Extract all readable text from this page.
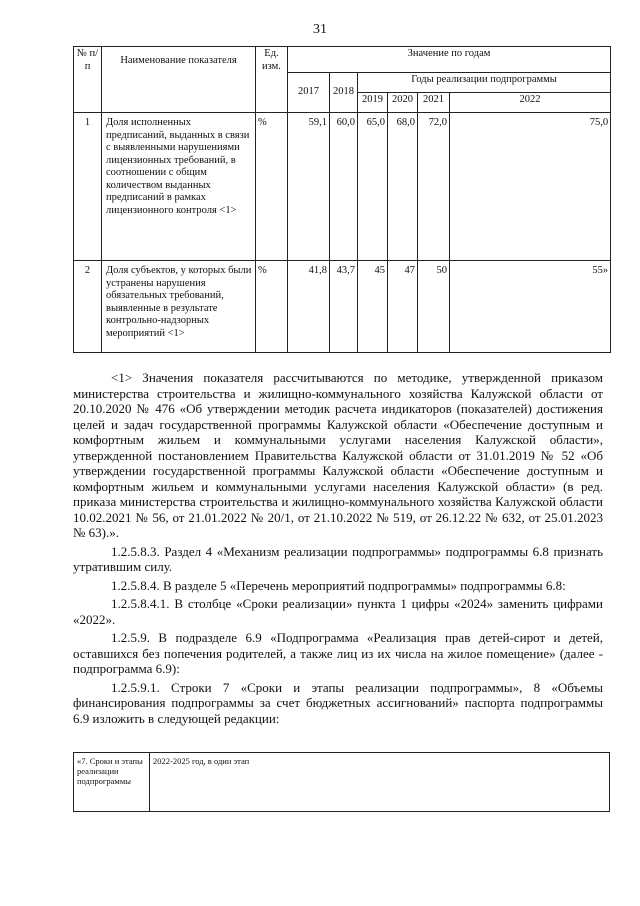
31
№ п/п	Наименование показателя	Ед. изм.	Значение по годам					
			2017	2018	Годы реализации подпрограммы			
					2019	2020	2021	2022
1	Доля исполненных предписаний, выданных в связи с выявленными нарушениями лицензионных требований, в соотношении с общим количеством выданных предписаний в рамках лицензионного контроля <1>	%	59,1	60,0	65,0	68,0	72,0	75,0
2	Доля субъектов, у которых были устранены нарушения обязательных требований, выявленные в результате контрольно-надзорных мероприятий <1>	%	41,8	43,7	45	47	50	55»

<1> Значения показателя рассчитываются по методике, утвержденной приказом министерства строительства и жилищно-коммунального хозяйства Калужской области от 20.10.2020 № 476 «Об утверждении методик расчета индикаторов (показателей) достижения целей и задач государственной программы Калужской области «Обеспечение доступным и комфортным жильем и коммунальными услугами населения Калужской области», утвержденной постановлением Правительства Калужской области от 31.01.2019 № 52 «Об утверждении государственной программы Калужской области «Обеспечение доступным и комфортным жильем и коммунальными услугами населения Калужской области» (в ред. приказа министерства строительства и жилищно-коммунального хозяйства Калужской области 10.02.2021 № 56, от 21.01.2022 № 20/1, от 21.10.2022 № 519, от 26.12.22 № 632, от 25.01.2023 № 63).».

1.2.5.8.3. Раздел 4 «Механизм реализации подпрограммы» подпрограммы 6.8 признать утратившим силу.

1.2.5.8.4. В разделе 5 «Перечень мероприятий подпрограммы» подпрограммы 6.8:

1.2.5.8.4.1. В столбце «Сроки реализации» пункта 1 цифры «2024» заменить цифрами «2022».

1.2.5.9. В подразделе 6.9 «Подпрограмма «Реализация прав детей-сирот и детей, оставшихся без попечения родителей, а также лиц из их числа на жилое помещение» (далее - подпрограмма 6.9):

1.2.5.9.1. Строки 7 «Сроки и этапы реализации подпрограммы», 8 «Объемы финансирования подпрограммы за счет бюджетных ассигнований» паспорта подпрограммы 6.9 изложить в следующей редакции:

«7. Сроки и этапы реализации подпрограммы	2022-2025 год, в один этап
